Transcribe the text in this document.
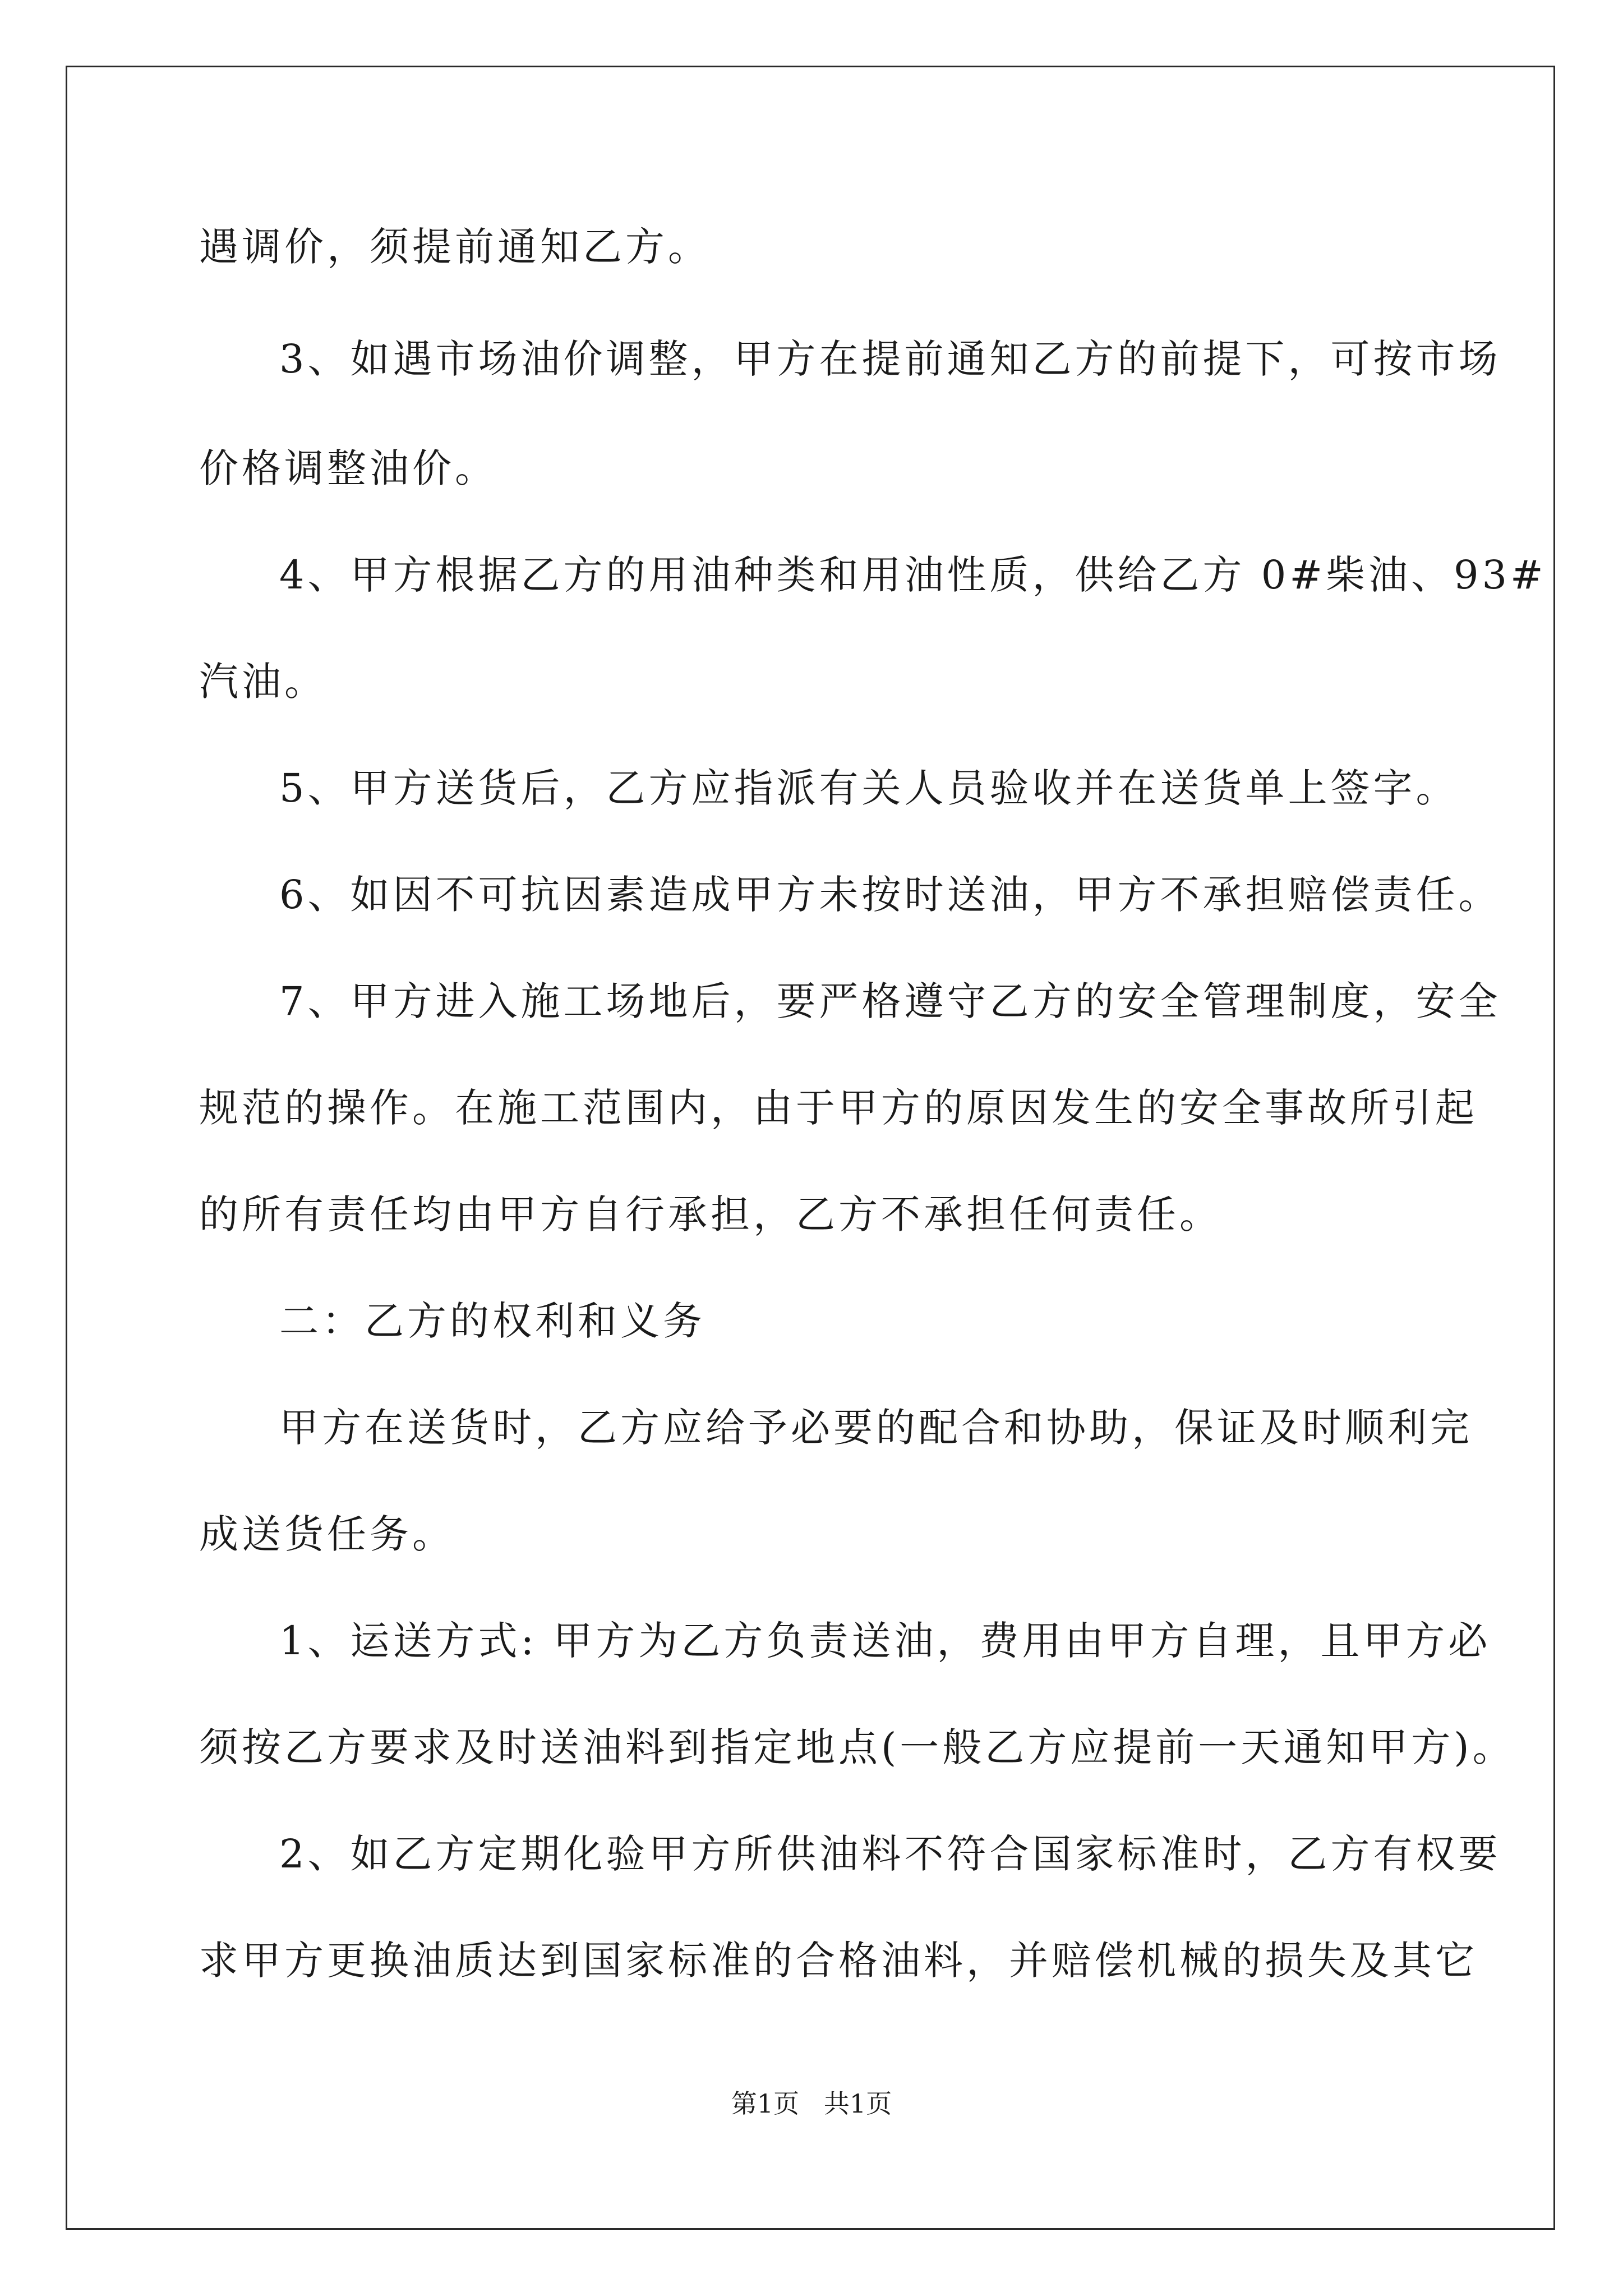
遇调价，须提前通知乙方。
3、如遇市场油价调整，甲方在提前通知乙方的前提下，可按市场
价格调整油价。
4、甲方根据乙方的用油种类和用油性质，供给乙方 0#柴油、93#
汽油。
5、甲方送货后，乙方应指派有关人员验收并在送货单上签字。
6、如因不可抗因素造成甲方未按时送油，甲方不承担赔偿责任。
7、甲方进入施工场地后，要严格遵守乙方的安全管理制度，安全
规范的操作。在施工范围内，由于甲方的原因发生的安全事故所引起
的所有责任均由甲方自行承担，乙方不承担任何责任。
二：乙方的权利和义务
甲方在送货时，乙方应给予必要的配合和协助，保证及时顺利完
成送货任务。
1、运送方式: 甲方为乙方负责送油，费用由甲方自理，且甲方必
须按乙方要求及时送油料到指定地点(一般乙方应提前一天通知甲方)。
2、如乙方定期化验甲方所供油料不符合国家标准时，乙方有权要
求甲方更换油质达到国家标准的合格油料，并赔偿机械的损失及其它
第1页   共1页
